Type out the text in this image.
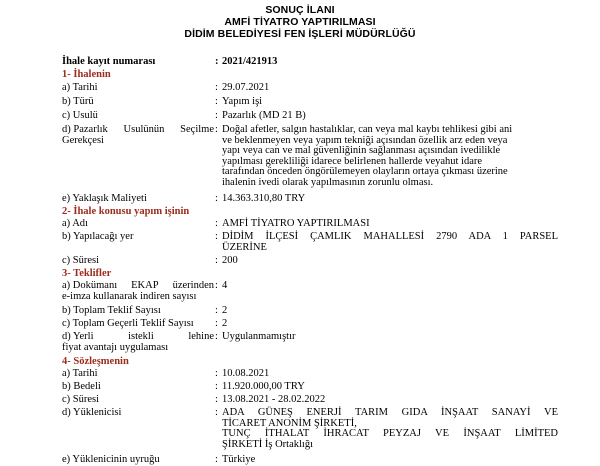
SONUÇ İLANI
AMFİ TİYATRO YAPTIRILMASI
DİDİM BELEDİYESİ FEN İŞLERİ MÜDÜRLÜĞÜ
İhale kayıt numarası	: 2021/421913
1- İhalenin
a) Tarihi	: 29.07.2021
b) Türü	: Yapım işi
c) Usulü	: Pazarlık (MD 21 B)
d) Pazarlık Usulünün Seçilme
Gerekçesi
: Doğal afetler, salgın hastalıklar, can veya mal kaybı tehlikesi gibi ani
ve beklenmeyen veya yapım tekniği açısından özellik arz eden veya
yapı veya can ve mal güvenliğinin sağlanması açısından ivedilikle
yapılması gerekliliği idarece belirlenen hallerde veyahut idare
tarafından önceden öngörülemeyen olayların ortaya çıkması üzerine
ihalenin ivedi olarak yapılmasının zorunlu olması.
e) Yaklaşık Maliyeti	: 14.363.310,80 TRY
2- İhale konusu yapım işinin
a) Adı	: AMFİ TİYATRO YAPTIRILMASI
b) Yapılacağı yer	: DİDİM İLÇESİ ÇAMLIK MAHALLESİ 2790 ADA 1 PARSEL
ÜZERİNE
c) Süresi	: 200
3- Teklifler
a) Dokümanı EKAP üzerinden
e-imza kullanarak indiren sayısı
: 4
b) Toplam Teklif Sayısı	: 2
c) Toplam Geçerli Teklif Sayısı : 2
d) Yerli	istekli	lehine
fiyat avantajı uygulaması
: Uygulanmamıştır
4- Sözleşmenin
a) Tarihi	: 10.08.2021
b) Bedeli	: 11.920.000,00 TRY
c) Süresi	: 13.08.2021 - 28.02.2022
d) Yüklenicisi	: ADA GÜNEŞ ENERJİ TARIM GIDA İNŞAAT SANAYİ VE
TİCARET ANONİM ŞİRKETİ,
TUNÇ İTHALAT İHRACAT PEYZAJ VE İNŞAAT LİMİTED
ŞİRKETİ İş Ortaklığı
e) Yüklenicinin uyruğu	: Türkiye
